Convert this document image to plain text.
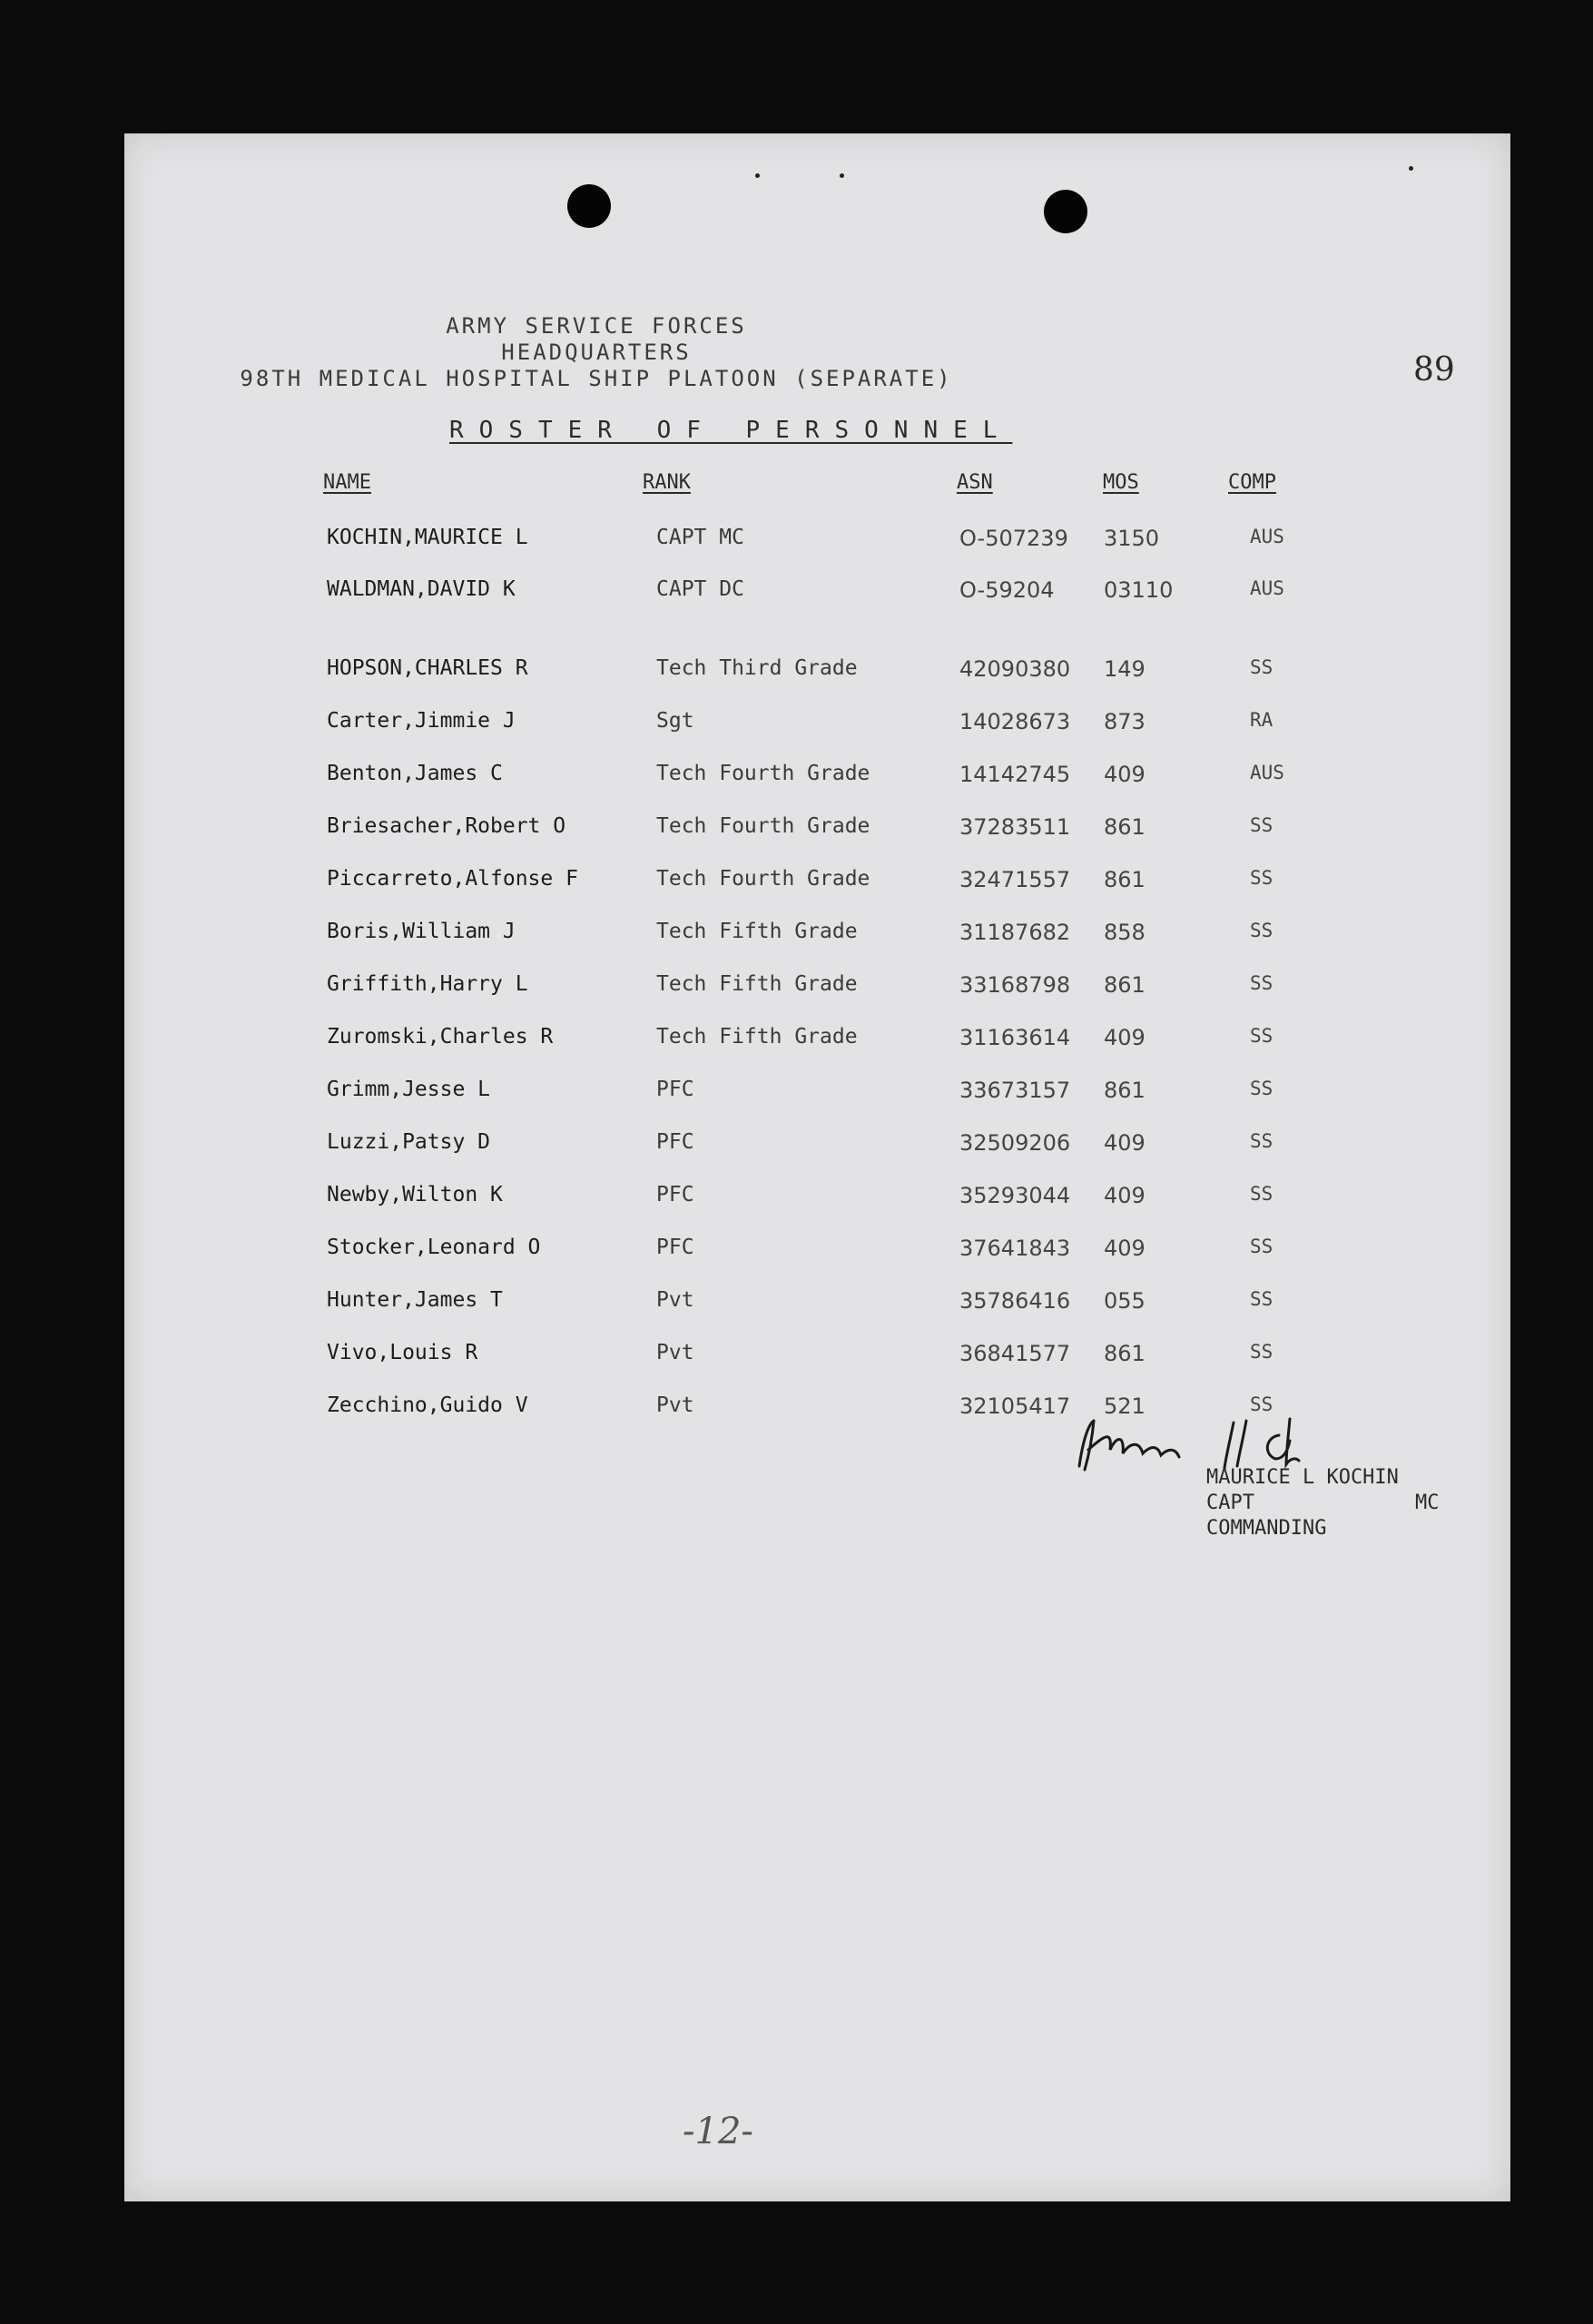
ARMY SERVICE FORCES
HEADQUARTERS
98TH MEDICAL HOSPITAL SHIP PLATOON (SEPARATE)	89
ROSTER OF PERSONNEL
NAME	RANK	ASN	MOS	COMP
KOCHIN,MAURICE L	CAPT MC	O-507239 3150	AUS
WALDMAN,DAVID K	CAPT DC	O-59204 03110	AUS
HOPSON,CHARLES R	Tech Third Grade	42090380 149	SS
Carter,Jimmie J	Sgt	14028673 873	RA
Benton,James C	Tech Fourth Grade	14142745 409	AUS
Briesacher,Robert O	Tech Fourth Grade	37283511 861	SS
Piccarreto,Alfonse F	Tech Fourth Grade	32471557 861	SS
Boris,William J	Tech Fifth Grade	31187682 858	SS
Griffith,Harry L	Tech Fifth Grade	33168798 861	SS
Zuromski,Charles R	Tech Fifth Grade	31163614 409	SS
Grimm,Jesse L	PFC	33673157 861	SS
Luzzi,Patsy D	PFC	32509206 409	SS
Newby,Wilton K	PFC	35293044 409	SS
Stocker,Leonard O	PFC	37641843 409	SS
Hunter,James T	Pvt	35786416 055	SS
Vivo,Louis R	Pvt	36841577 861	SS
Zecchino,Guido V	Pvt	32105417 521	SS
MAURICE L KOCHIN
CAPT	MC
COMMANDING
-12-
